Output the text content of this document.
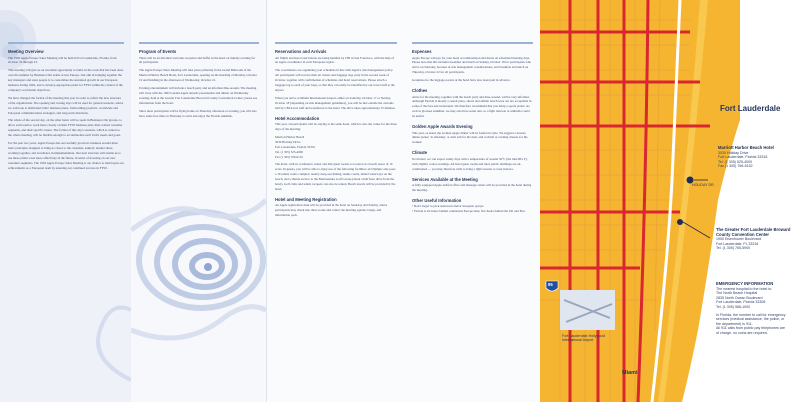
Meeting Overview

The 1993 Apple Europe Sales Meeting will be held in Fort Lauderdale, Florida, from October 19 through 23.

This meeting will give us an excellent opportunity to build on the work that has been done over the summer by Business Unit teams across Europe. Our aim in bringing together the key managers and sales people is to consolidate the sustained growth in our European business during 1992, and to develop appropriate plans for FY93 within the context of the company's worldwide objectives.

We have changed the format of the meeting this year in order to reflect the new structure of the organization. The opening and closing days will be used for general sessions, where we will look at individual Units' business plans, forthcoming products, worldwide and European communications strategies, and long-term directions.

The whole of the second day, on the other hand, will be spent in Business Unit groups, to allow each team to work more closely on their FY93 business plan, their related customer segments, and their specific issues. The format of this day's sessions, which is central to the whole meeting, will be flexible enough to accommodate each Unit's needs and goals.

For the past two years, Apple Europe has successfully grown its business around three basic principles designed to bring us closer to the customer, namely: market share, working together, and excellence in implementation. Our next structure will enable us to use these pillars even more effectively in the future, in terms of focusing on our new customer segments. The 1993 Apple Europe Sales Meeting is our chance to build upon our achievements as a European team by ensuring our continued success in FY93.

Program of Events

There will be an informal welcome reception and buffet in the hotel on Sunday evening for all participants.

The Apple Europe Sales Meeting will take place primarily in the Grand Ballroom of the Marriott Harbor Beach Hotel, Fort Lauderdale, opening on the morning of Monday, October 19 and finishing in the afternoon of Wednesday, October 21.

Evening entertainment will include a beach party and an informal dine-around. The meeting will close with the 1993 Golden Apple Awards presentation and dinner on Wednesday evening, held at the Greater Fort Lauderdale Broward County Convention Center; please see information from the hotel.

Since most participants will be flying home on Thursday afternoon or evening, you will also have some free time on Thursday to relax and enjoy the Florida sunshine.

Reservations and Arrivals

All flights and hotel reservations are being handled by CBI in San Francisco, with the help of an Apple coordinator in each European region.

The coordinators are organizing your schedules in line with Apple's risk management policy. All participants will receive their air tickets and baggage tags early in the second week of October, together with confirmation of schedules and hotel reservations. Please attach a baggage tag to each of your bags, so that they can easily be identified by our travel staff at the airport.

When you arrive at Miami International Airport, either on Saturday, October 17 or Sunday, October 18 (depending on risk management guidelines), you will be met outside the customs hall by CBI travel staff and transferred to the hotel. The drive takes approximately 35 minutes.

Hotel Accommodation

This year, all participants will be staying at the same hotel, which is also the venue for the three days of the meeting:

Marriott Harbor Beach
3030 Holiday Drive
Fort Lauderdale, Florida 33316
Tel. (1 305) 525-4000
Fax (1 305) 766-6152

The hotel, with its conference center and 624 guest rooms, is located on a beach resort of 16 acres. In guests, you will be able to enjoy use of the following facilities: an Olympic-size pool, a 10-tennis courts complex, nearby deep-sea fishing, tennis courts, inland waterways on the beach, and a shuttle service to the Bonaventure Golf Course (about a half hour drive from the hotel). Golf clubs and tennis racquets can also be rented. Beach towels will be provided by the hotel.

Hotel and Meeting Registration

An Apple registration desk will be provided in the hotel on Saturday and Sunday, where participants may check into their rooms and collect the meeting agenda, badge, and information pack.

Expenses

Apple Europe will pay for your hotel accommodation and meals on scheduled meeting days. Please note that this includes breakfast and lunch on Sunday, October 18 for participants who arrive on Saturday, because of risk management considerations, and breakfast and lunch on Thursday, October 22 for all participants.

Gratuities for the luggage porters at the hotel have also been paid in advance.

Clothes

Attire for the meeting, together with the beach party and dine-around, will be very informal. Although Florida is mostly a casual place, shorts and similar beach wear are not acceptable in some of the bars and restaurants. We therefore recommend that you bring a sports jacket. As well as glorious sunshine, we may also have some rain, so a light raincoat or umbrella could be useful.

Golden Apple Awards Evening

This year, as usual, the Golden Apple dinner will be formal in style. We suggest a tuxedo, dinner jacket, 'le smoking', or dark suit for the men, and cocktail or evening dresses for the women.

Climate

In October, we can expect sunny days with a temperature of around 30°C (the mid-80's F), with slightly cooler evenings. All hotel guest rooms and most public buildings are air-conditioned — you may therefore wish to bring a light sweater to wear indoors.

Services Available at the Meeting

A fully equipped Apple-staffed office and message center will be provided in the hotel during the meeting.

Other Useful Information
• Don't forget to pack sunscreen and/or mosquito sprays.
• Florida is six hours behind continental Europe time; five hours behind the UK and Eire.
Fort Lauderdale
HOLIDAY DR.
95
Fort Lauderdale-Hollywood International Airport
Miami
Marriott Harbor Beach Hotel
3030 Holiday Drive
Fort Lauderdale, Florida 33316
Tel. (1 305) 525-4000
Fax (1 305) 766-6152
The Greater Fort Lauderdale Broward County Convention Center
1950 Eisenhower Boulevard
Fort Lauderdale, FL 33316
Tel. (1 305) 765-5900
EMERGENCY INFORMATION
The nearest hospital to the hotel is:
The North Beach Hospital
2835 North Ocean Boulevard
Fort Lauderdale, Florida 33308
Tel. (1 305) 568-1000
In Florida, the number to call for emergency
services (medical assistance, the police, or
fire department) is 911.
All 911 calls from public pay telephones are
of charge, no coins are required.
